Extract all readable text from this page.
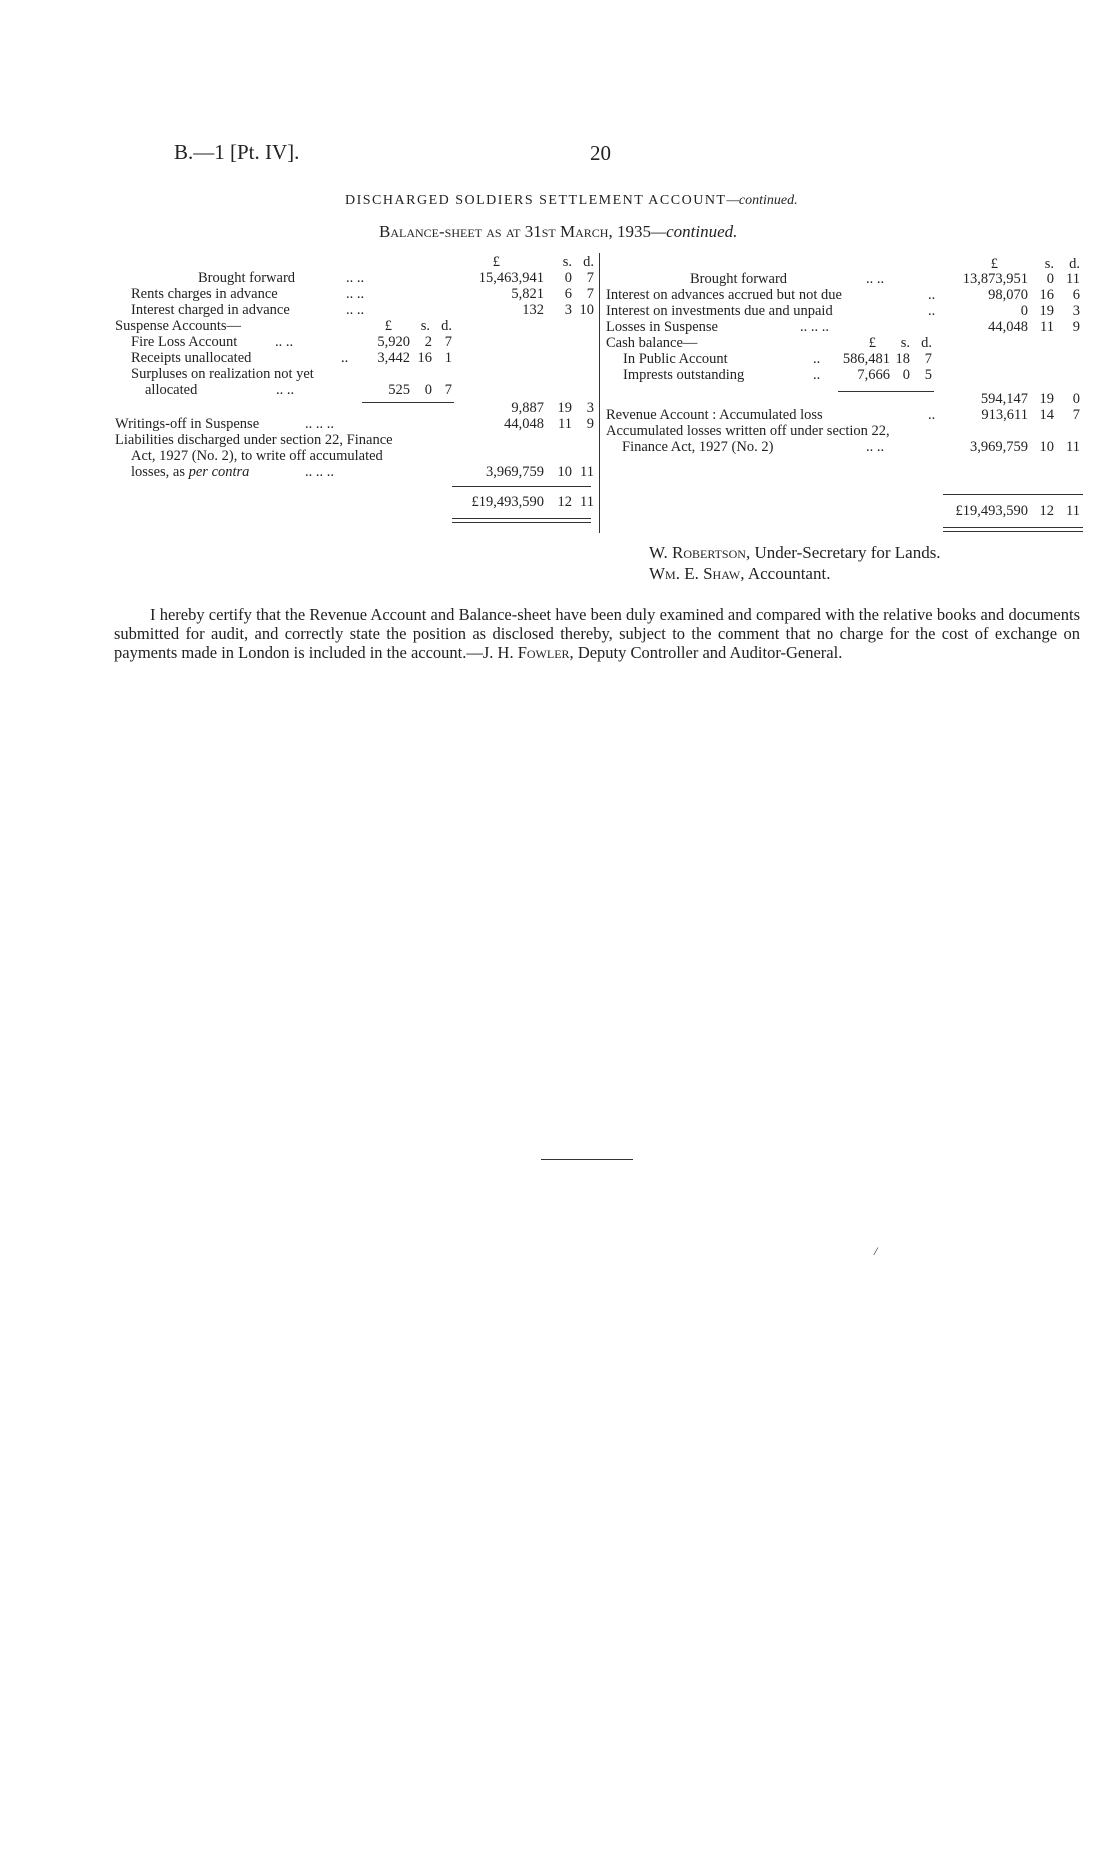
B.—1 [Pt. IV].	20
DISCHARGED SOLDIERS SETTLEMENT ACCOUNT—continued.
Balance-sheet as at 31st March, 1935—continued.
£	s. d.
Brought forward	.. ..	15,463,941	0	7
Rents charges in advance	.. ..	5,821	6	7
Interest charged in advance	.. ..	132	3 10
Suspense Accounts—	£	s. d.
Fire Loss Account	.. ..	5,920	2 7
Receipts unallocated	..	3,442 16 1
Surpluses on realization not yet
allocated	.. ..	525	0 7
9,887 19	3
Writings-off in Suspense	.. .. ..	44,048 11	9
Liabilities discharged under section 22, Finance
Act, 1927 (No. 2), to write off accumulated
losses, as per contra	.. .. ..	3,969,759 10 11
£19,493,590 12 11
£	s.	d.
Brought forward	.. ..	13,873,951	0 11
Interest on advances accrued but not due	..	98,070 16	6
Interest on investments due and unpaid	..	0 19	3
Losses in Suspense	.. .. ..	44,048 11	9
Cash balance—	£	s. d.
In Public Account	..	586,481 18	7
Imprests outstanding	..	7,666 0	5
594,147 19	0
Revenue Account : Accumulated loss	..	913,611 14	7
Accumulated losses written off under section 22,
Finance Act, 1927 (No. 2)	.. ..	3,969,759 10 11
£19,493,590 12 11
W. Robertson, Under-Secretary for Lands.
Wm. E. Shaw, Accountant.
I hereby certify that the Revenue Account and Balance-sheet have been duly examined and compared with the relative books and documents submitted for audit, and correctly state the position as disclosed thereby, subject to the comment that no charge for the cost of exchange on payments made in London is included in the account.—J. H. Fowler, Deputy Controller and Auditor-General.
/
